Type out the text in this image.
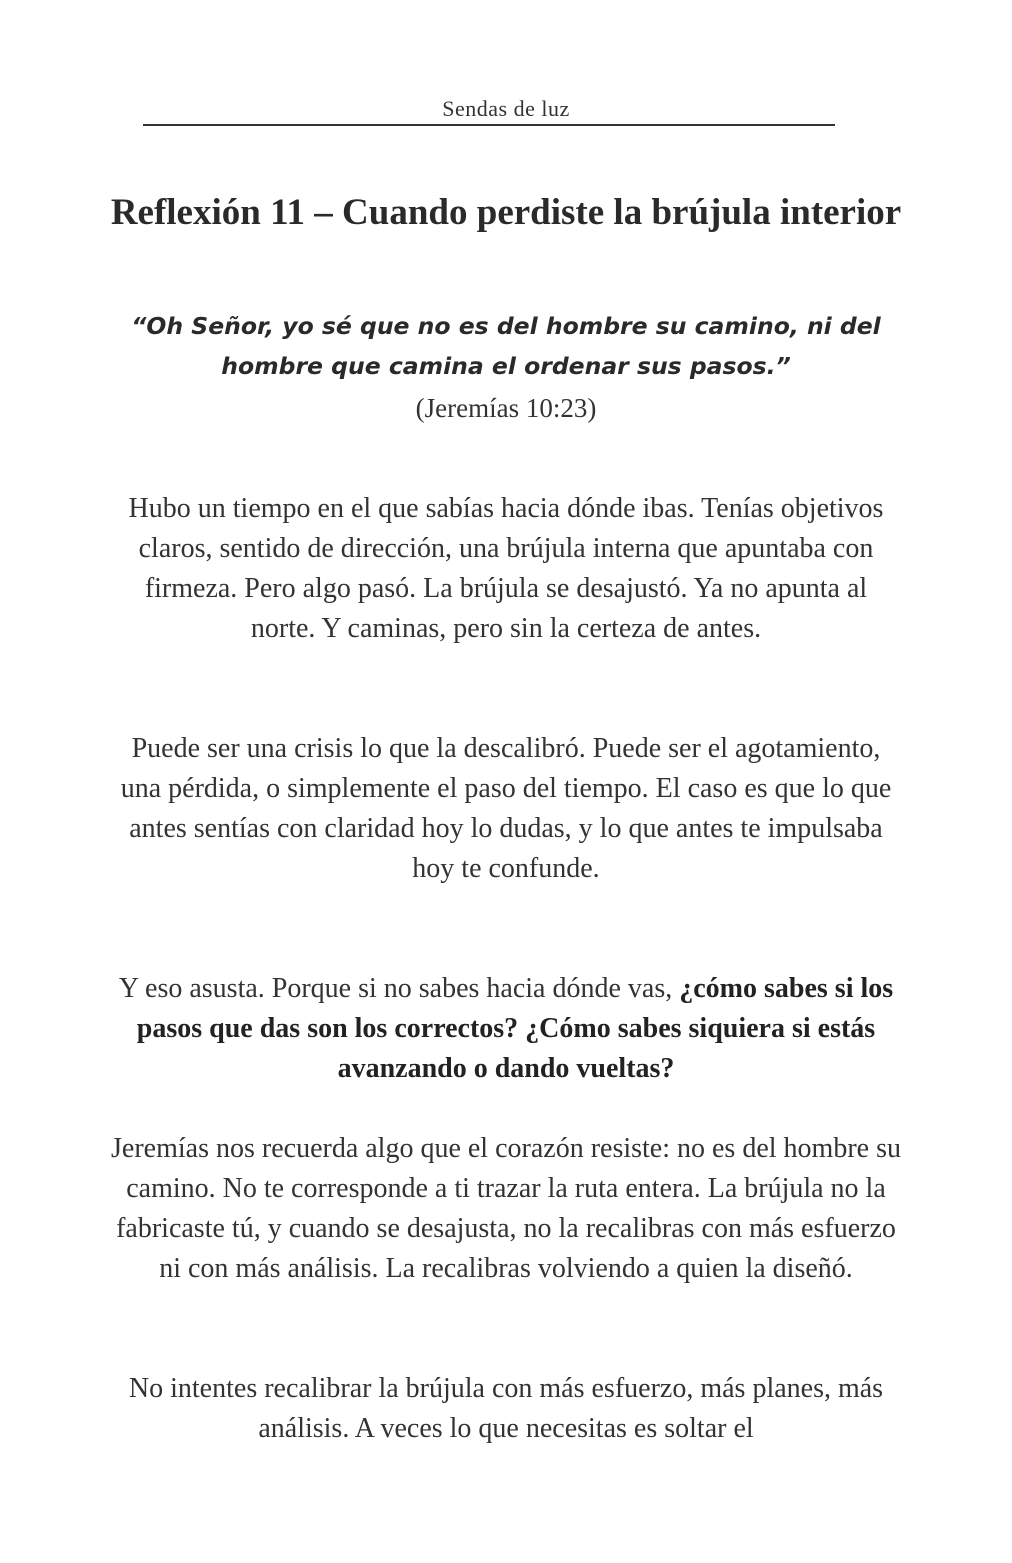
Sendas de luz
Reflexión 11 – Cuando perdiste la brújula interior

“Oh Señor, yo sé que no es del hombre su camino, ni del hombre que camina el ordenar sus pasos.”

(Jeremías 10:23)

Hubo un tiempo en el que sabías hacia dónde ibas. Tenías objetivos claros, sentido de dirección, una brújula interna que apuntaba con firmeza. Pero algo pasó. La brújula se desajustó. Ya no apunta al norte. Y caminas, pero sin la certeza de antes.

Puede ser una crisis lo que la descalibró. Puede ser el agotamiento, una pérdida, o simplemente el paso del tiempo. El caso es que lo que antes sentías con claridad hoy lo dudas, y lo que antes te impulsaba hoy te confunde.

Y eso asusta. Porque si no sabes hacia dónde vas, ¿cómo sabes si los pasos que das son los correctos? ¿Cómo sabes siquiera si estás avanzando o dando vueltas?

Jeremías nos recuerda algo que el corazón resiste: no es del hombre su camino. No te corresponde a ti trazar la ruta entera. La brújula no la fabricaste tú, y cuando se desajusta, no la recalibras con más esfuerzo ni con más análisis. La recalibras volviendo a quien la diseñó.

No intentes recalibrar la brújula con más esfuerzo, más planes, más análisis. A veces lo que necesitas es soltar el
